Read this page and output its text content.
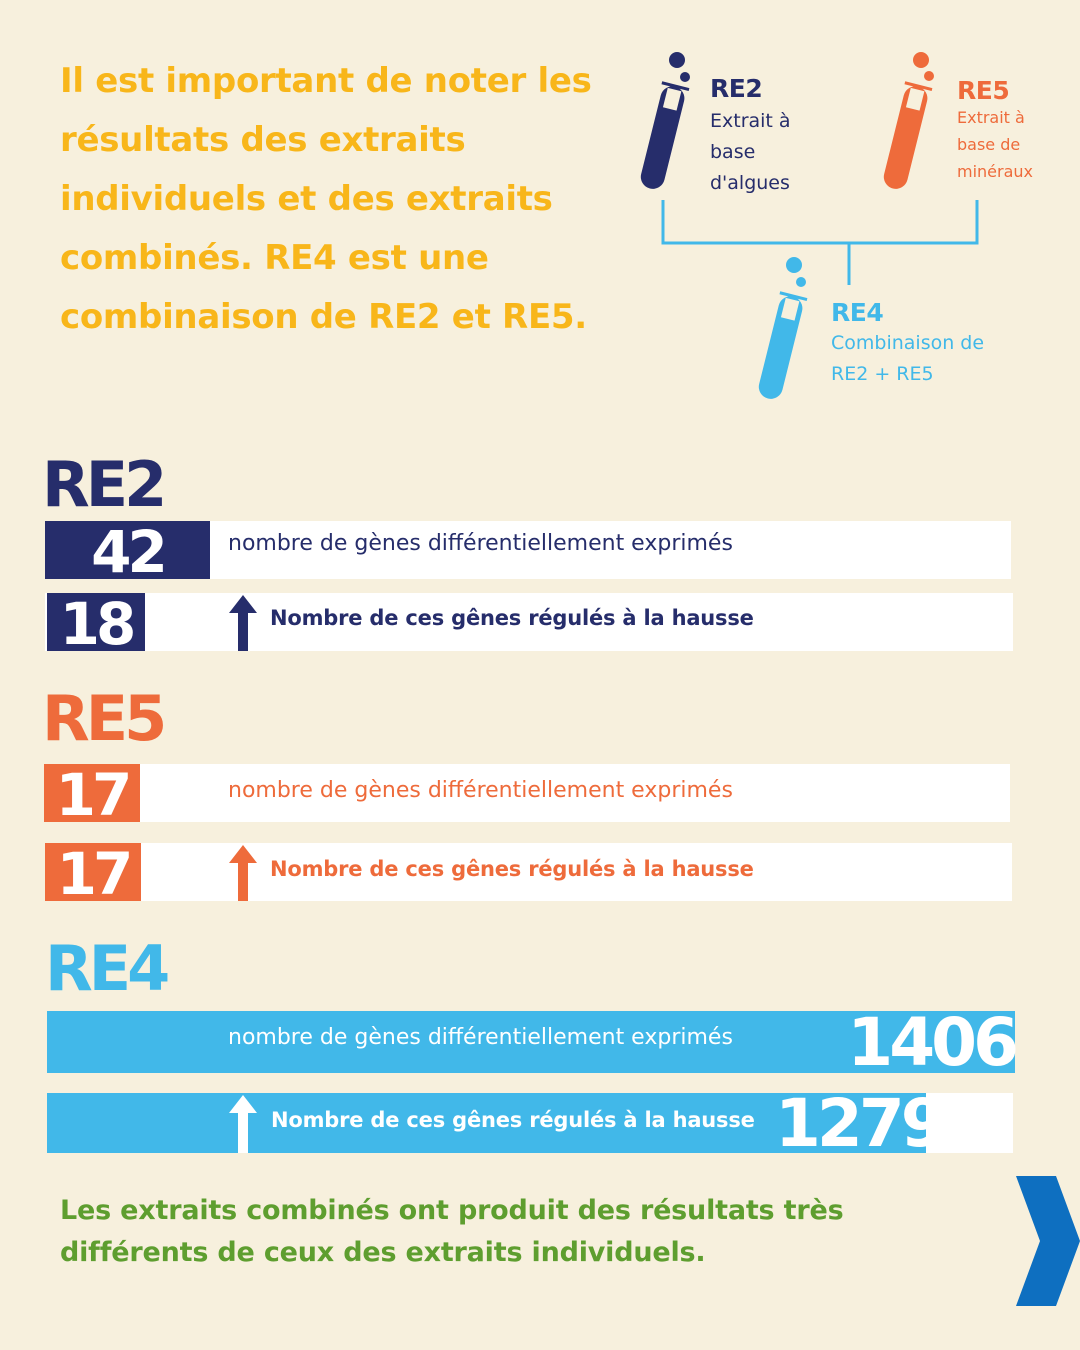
Il est important de noter les résultats des extraits individuels et des extraits combinés. RE4 est une combinaison de RE2 et RE5.

RE2

Extrait à base d'algues

RE5

Extrait à base de minéraux

RE4

Combinaison de RE2 + RE5

RE2
42	nombre de gènes différentiellement exprimés

18	Nombre de ces gênes régulés à la hausse

RE5
17	nombre de gènes différentiellement exprimés

17	Nombre de ces gênes régulés à la hausse

RE4

nombre de gènes différentiellement exprimés 1406

Nombre de ces gênes régulés à la hausse 1279

Les extraits combinés ont produit des résultats très différents de ceux des extraits individuels.
